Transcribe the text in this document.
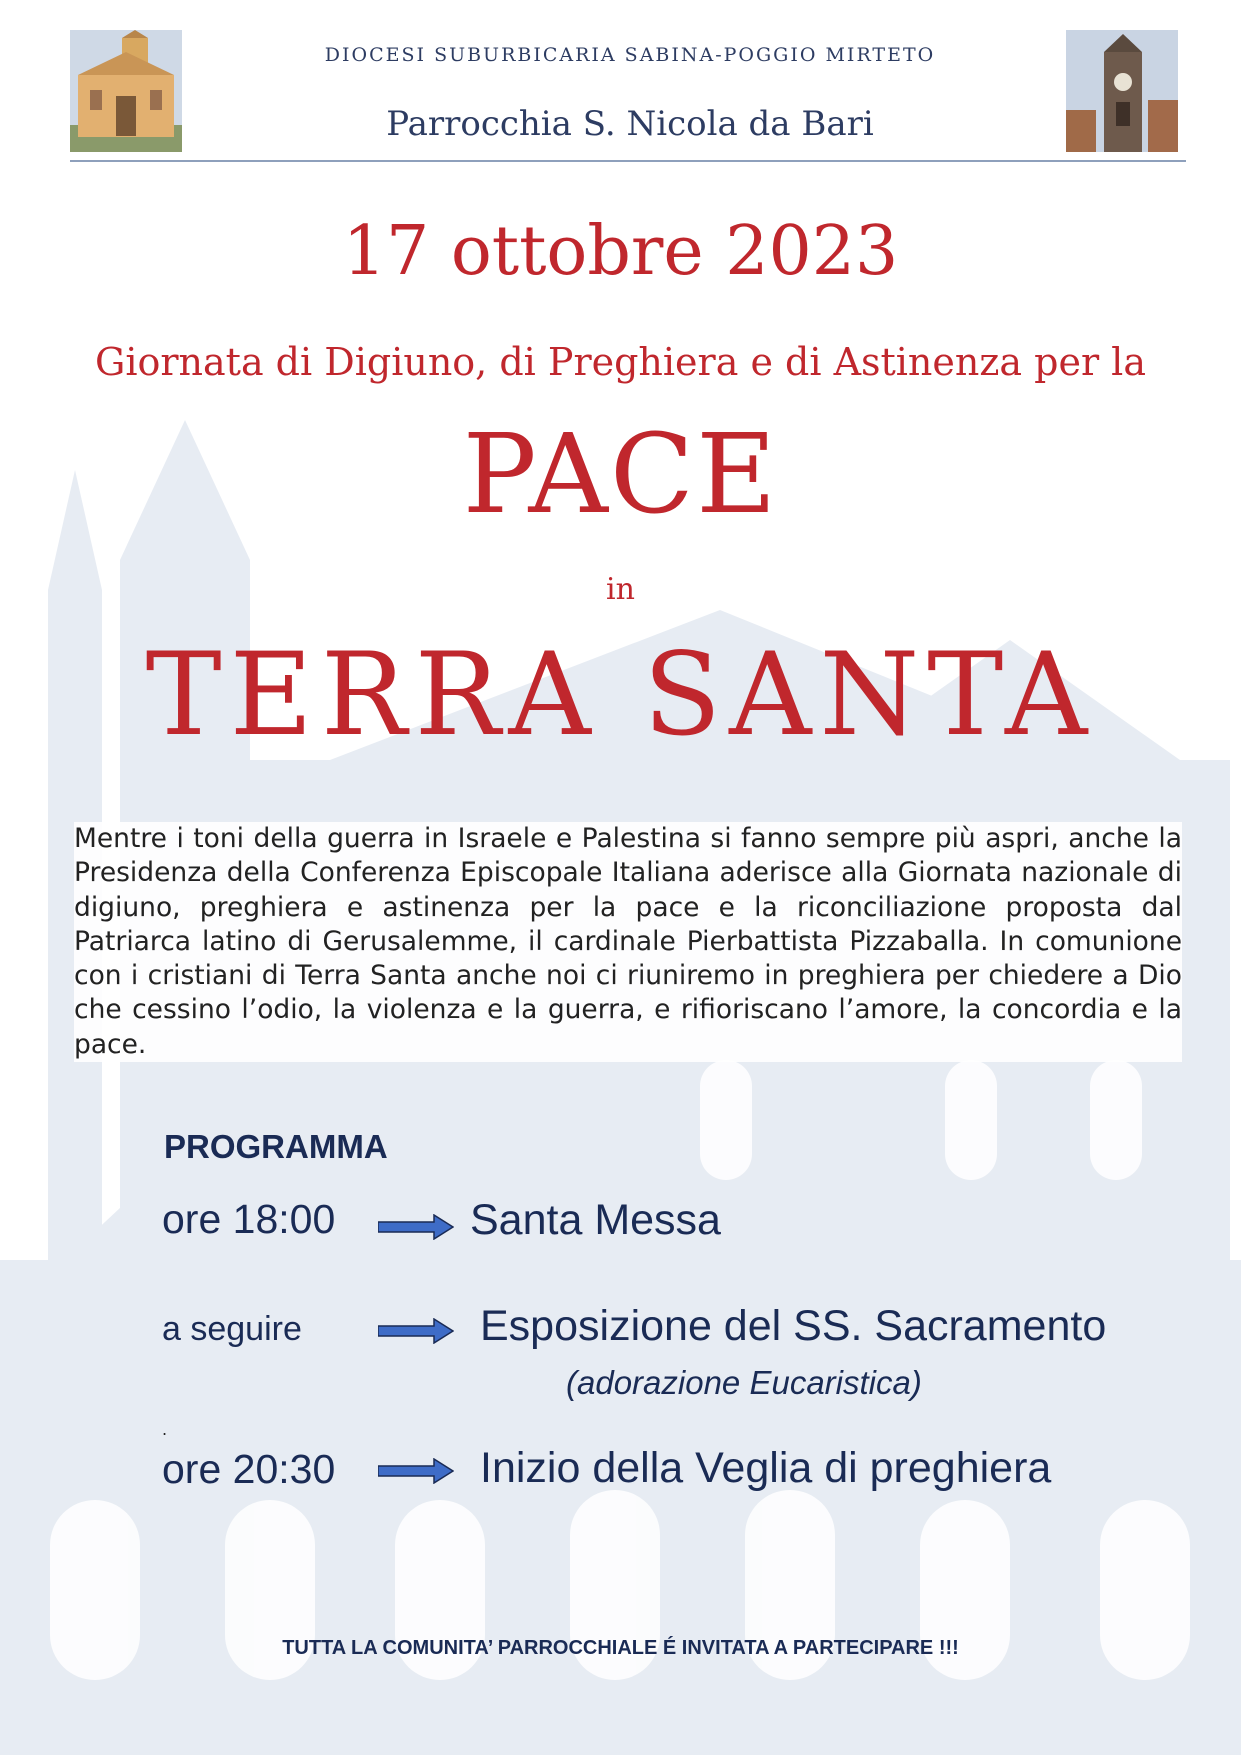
DIOCESI SUBURBICARIA SABINA-POGGIO MIRTETO
Parrocchia S. Nicola da Bari
17 ottobre 2023
Giornata di Digiuno, di Preghiera e di Astinenza per la
PACE
in
TERRA SANTA
Mentre i toni della guerra in Israele e Palestina si fanno sempre più aspri, anche la Presidenza della Conferenza Episcopale Italiana aderisce alla Giornata nazionale di digiuno, preghiera e astinenza per la pace e la riconciliazione proposta dal Patriarca latino di Gerusalemme, il cardinale Pierbattista Pizzaballa. In comunione con i cristiani di Terra Santa anche noi ci riuniremo in preghiera per chiedere a Dio che cessino l’odio, la violenza e la guerra, e rifioriscano l’amore, la concordia e la pace.
PROGRAMMA
ore 18:00	Santa Messa
a seguire	Esposizione del SS. Sacramento
(adorazione Eucaristica)
.
ore 20:30	Inizio della Veglia di preghiera
TUTTA LA COMUNITA’ PARROCCHIALE É INVITATA A PARTECIPARE !!!
